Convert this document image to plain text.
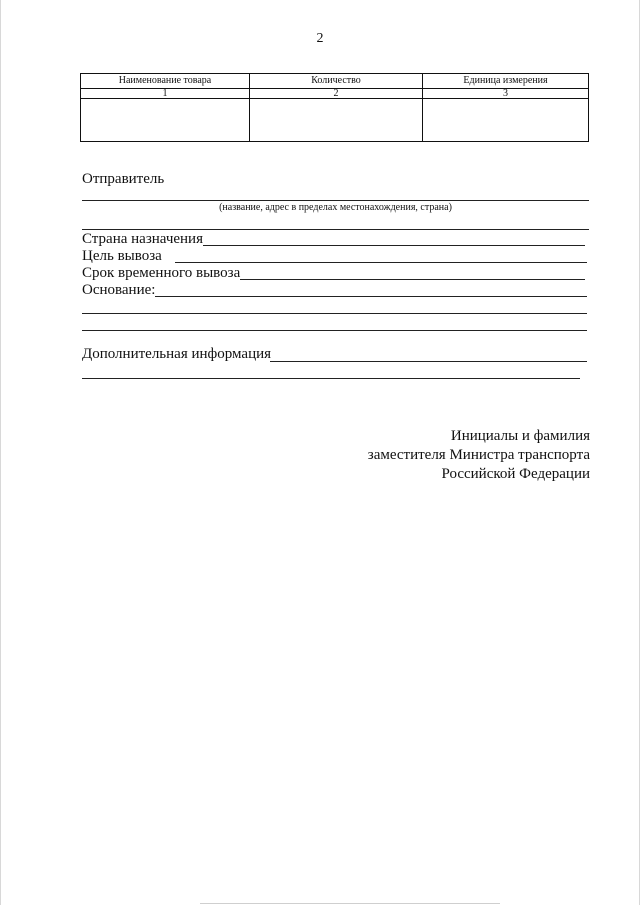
2
Наименование товара	Количество	Единица измерения
1	2	3

Отправитель
(название, адрес в пределах местонахождения, страна)
Страна назначения
Цель вывоза
Срок временного вывоза
Основание:
Дополнительная информация
Инициалы и фамилия
заместителя Министра транспорта
Российской Федерации
